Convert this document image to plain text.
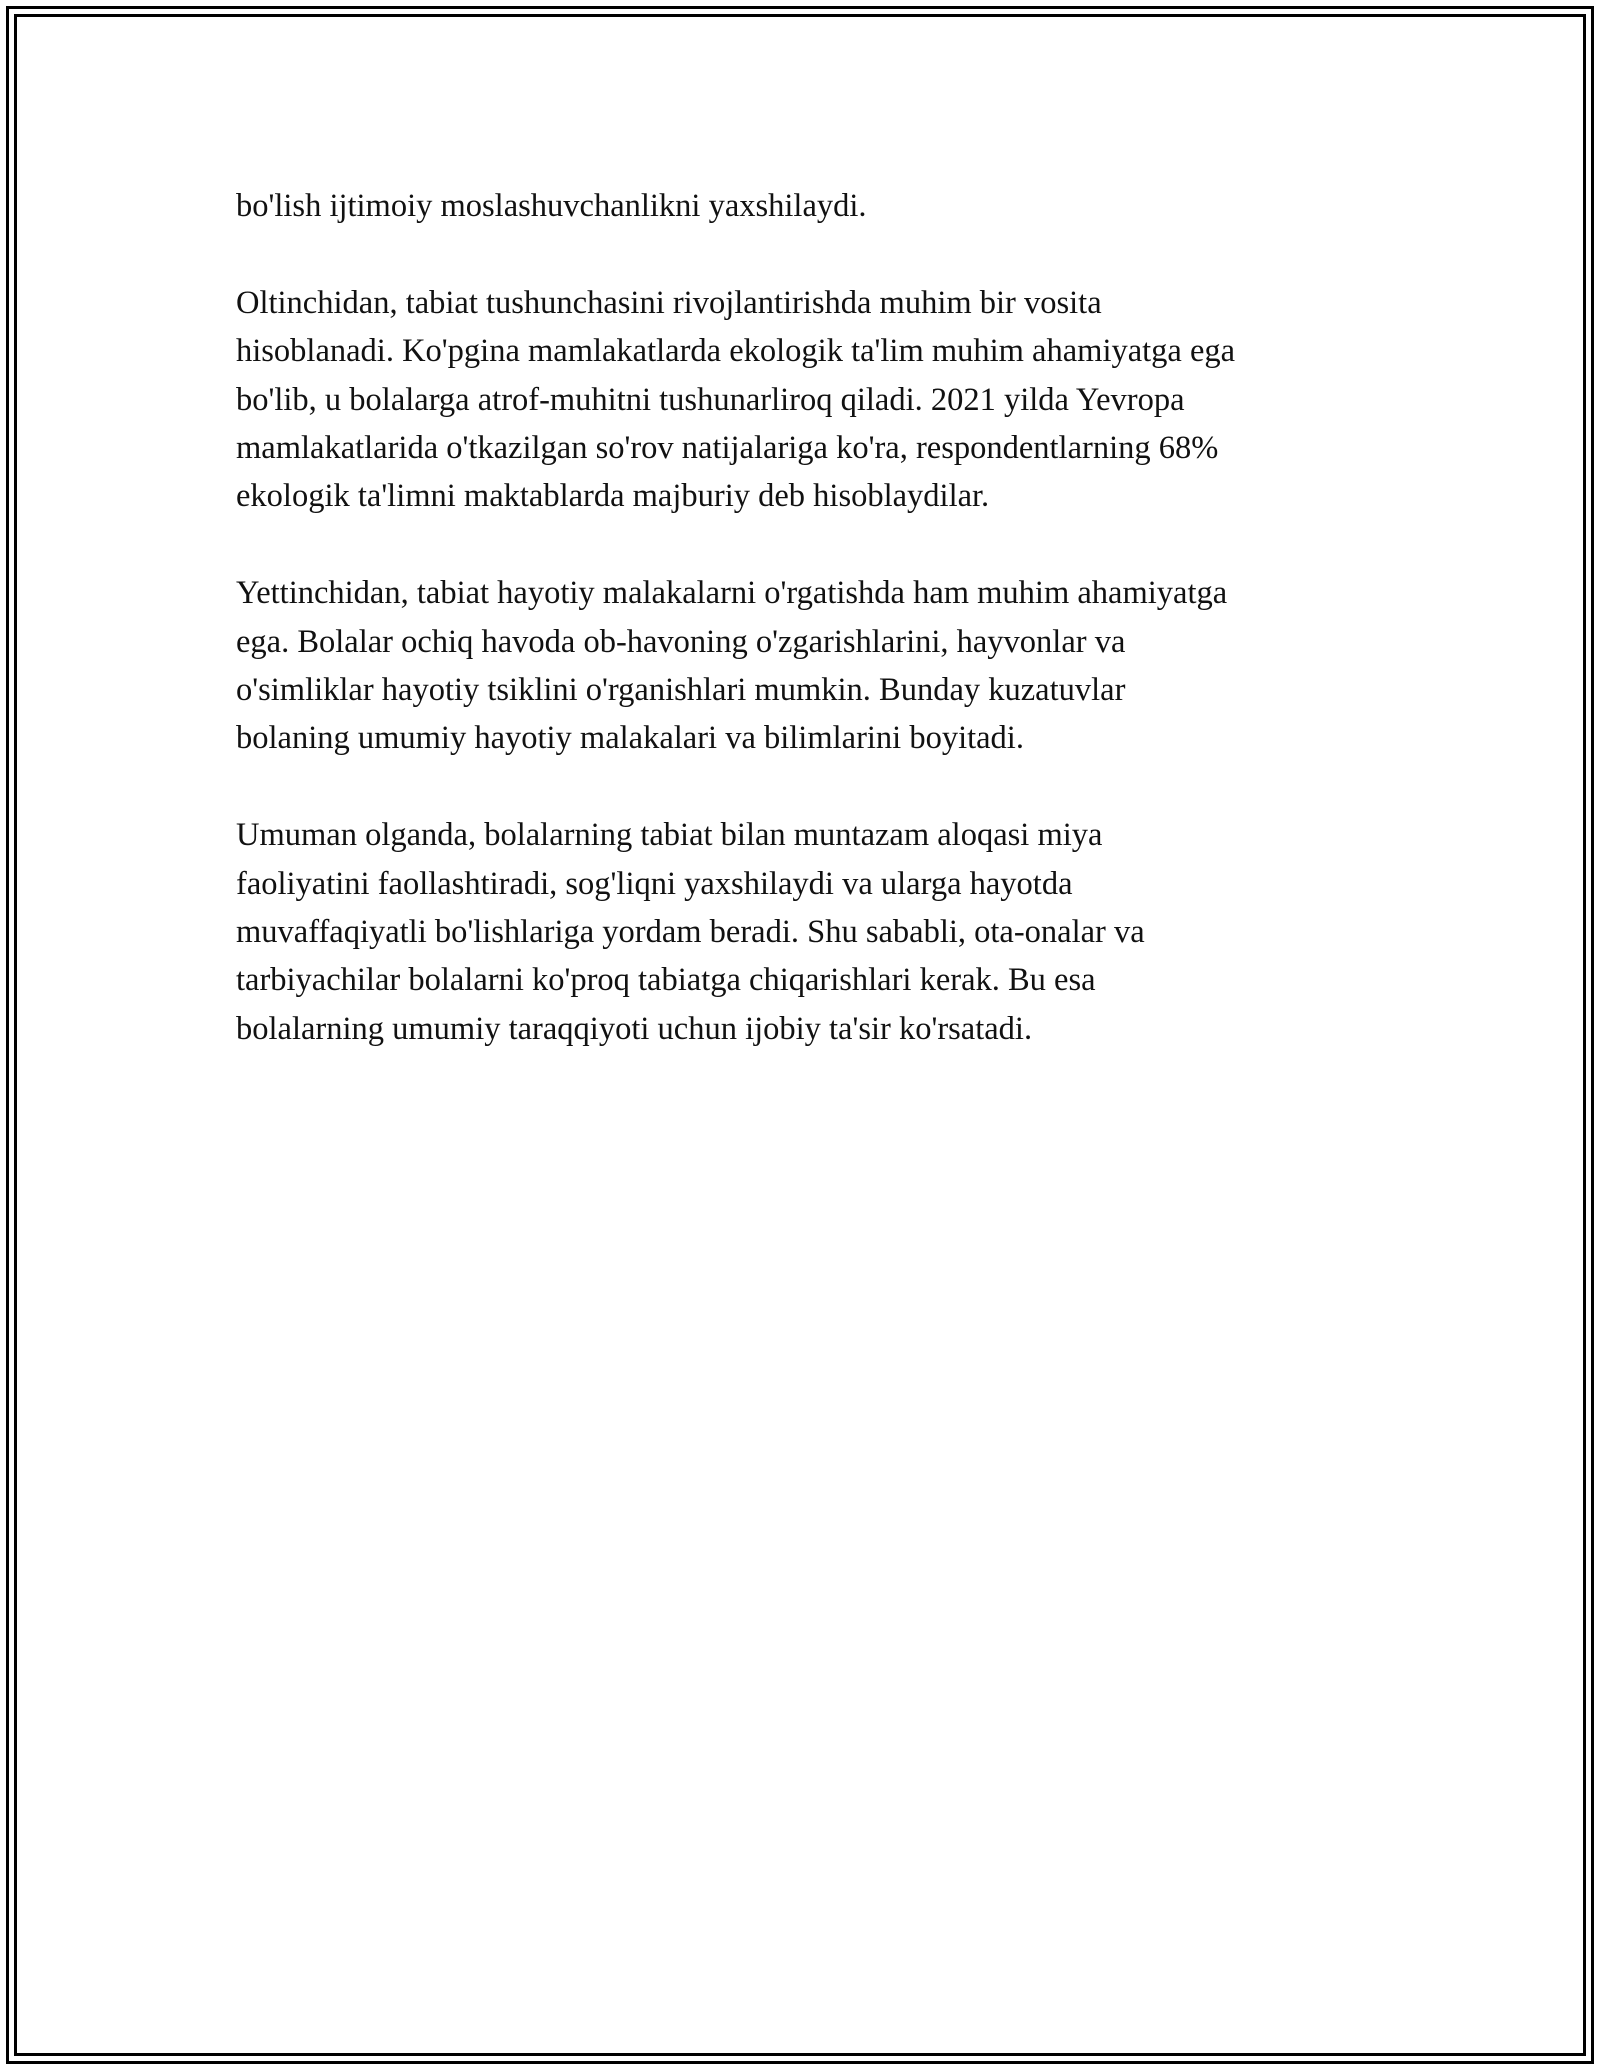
bo'lish ijtimoiy moslashuvchanlikni yaxshilaydi.

Oltinchidan, tabiat tushunchasini rivojlantirishda muhim bir vosita
hisoblanadi. Ko'pgina mamlakatlarda ekologik ta'lim muhim ahamiyatga ega
bo'lib, u bolalarga atrof-muhitni tushunarliroq qiladi. 2021 yilda Yevropa
mamlakatlarida o'tkazilgan so'rov natijalariga ko'ra, respondentlarning 68%
ekologik ta'limni maktablarda majburiy deb hisoblaydilar.

Yettinchidan, tabiat hayotiy malakalarni o'rgatishda ham muhim ahamiyatga
ega. Bolalar ochiq havoda ob-havoning o'zgarishlarini, hayvonlar va
o'simliklar hayotiy tsiklini o'rganishlari mumkin. Bunday kuzatuvlar
bolaning umumiy hayotiy malakalari va bilimlarini boyitadi.

Umuman olganda, bolalarning tabiat bilan muntazam aloqasi miya
faoliyatini faollashtiradi, sog'liqni yaxshilaydi va ularga hayotda
muvaffaqiyatli bo'lishlariga yordam beradi. Shu sababli, ota-onalar va
tarbiyachilar bolalarni ko'proq tabiatga chiqarishlari kerak. Bu esa
bolalarning umumiy taraqqiyoti uchun ijobiy ta'sir ko'rsatadi.
